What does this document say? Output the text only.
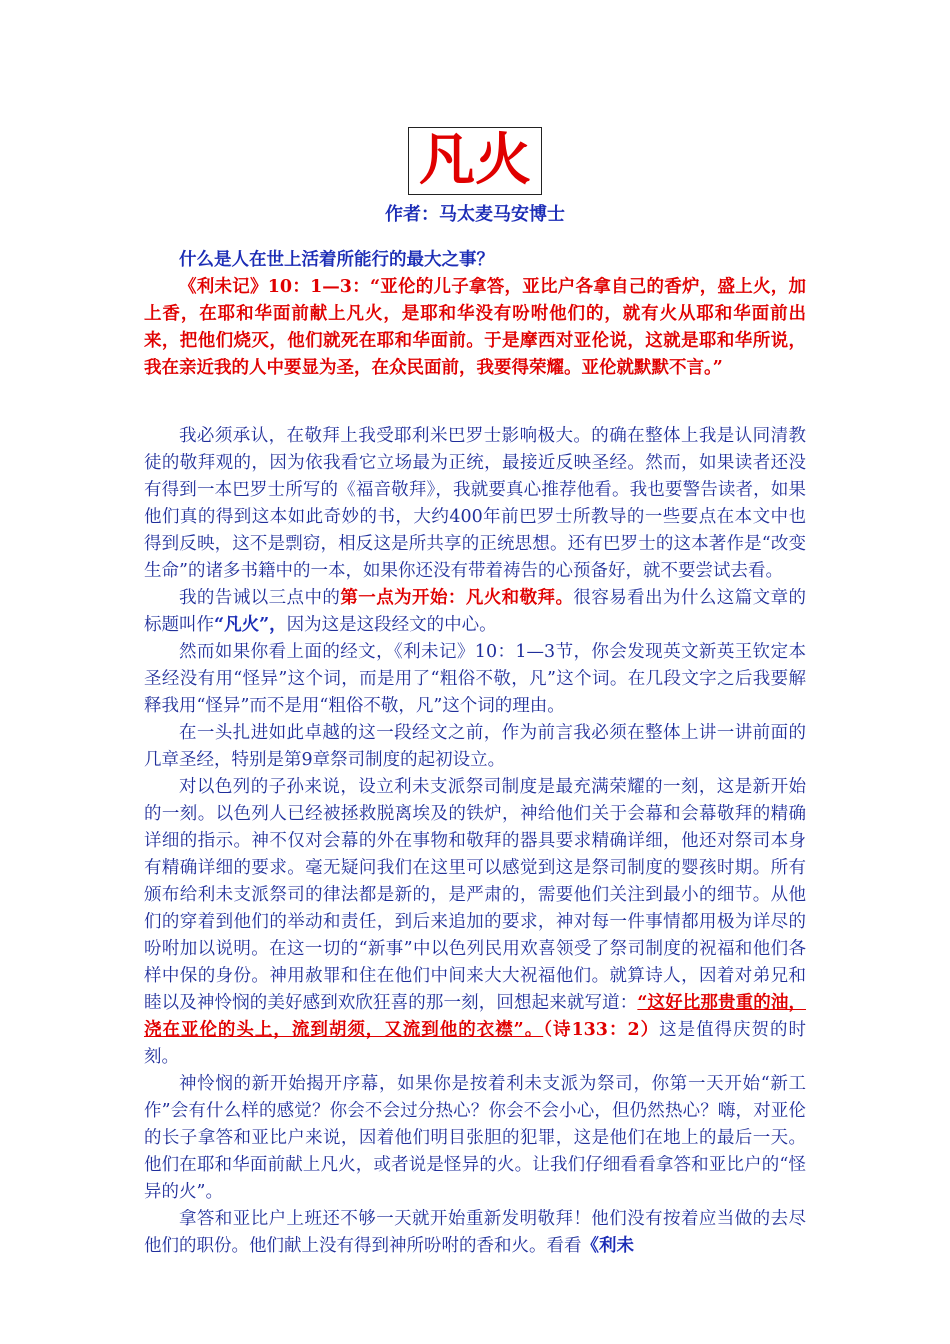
凡火
作者：马太麦马安博士

什么是人在世上活着所能行的最大之事？

《利未记》10：1—3：“亚伦的儿子拿答，亚比户各拿自己的香炉，盛上火，加上香，在耶和华面前献上凡火，是耶和华没有吩咐他们的，就有火从耶和华面前出来，把他们烧灭，他们就死在耶和华面前。于是摩西对亚伦说，这就是耶和华所说，我在亲近我的人中要显为圣，在众民面前，我要得荣耀。亚伦就默默不言。”

我必须承认，在敬拜上我受耶利米巴罗士影响极大。的确在整体上我是认同清教徒的敬拜观的，因为依我看它立场最为正统，最接近反映圣经。然而，如果读者还没有得到一本巴罗士所写的《福音敬拜》，我就要真心推荐他看。我也要警告读者，如果他们真的得到这本如此奇妙的书，大约400年前巴罗士所教导的一些要点在本文中也得到反映，这不是剽窃，相反这是所共享的正统思想。还有巴罗士的这本著作是“改变生命”的诸多书籍中的一本，如果你还没有带着祷告的心预备好，就不要尝试去看。

我的告诫以三点中的第一点为开始：凡火和敬拜。很容易看出为什么这篇文章的标题叫作“凡火”，因为这是这段经文的中心。

然而如果你看上面的经文，《利未记》10：1—3节，你会发现英文新英王钦定本圣经没有用“怪异”这个词，而是用了“粗俗不敬，凡”这个词。在几段文字之后我要解释我用“怪异”而不是用“粗俗不敬，凡”这个词的理由。

在一头扎进如此卓越的这一段经文之前，作为前言我必须在整体上讲一讲前面的几章圣经，特别是第9章祭司制度的起初设立。

对以色列的子孙来说，设立利未支派祭司制度是最充满荣耀的一刻，这是新开始的一刻。以色列人已经被拯救脱离埃及的铁炉，神给他们关于会幕和会幕敬拜的精确详细的指示。神不仅对会幕的外在事物和敬拜的器具要求精确详细，他还对祭司本身有精确详细的要求。毫无疑问我们在这里可以感觉到这是祭司制度的婴孩时期。所有颁布给利未支派祭司的律法都是新的，是严肃的，需要他们关注到最小的细节。从他们的穿着到他们的举动和责任，到后来追加的要求，神对每一件事情都用极为详尽的吩咐加以说明。在这一切的“新事”中以色列民用欢喜领受了祭司制度的祝福和他们各样中保的身份。神用赦罪和住在他们中间来大大祝福他们。就算诗人，因着对弟兄和睦以及神怜悯的美好感到欢欣狂喜的那一刻，回想起来就写道：“这好比那贵重的油，浇在亚伦的头上，流到胡须，又流到他的衣襟”。（诗133：2）这是值得庆贺的时刻。

神怜悯的新开始揭开序幕，如果你是按着利未支派为祭司，你第一天开始“新工作”会有什么样的感觉？你会不会过分热心？你会不会小心，但仍然热心？嗨，对亚伦的长子拿答和亚比户来说，因着他们明目张胆的犯罪，这是他们在地上的最后一天。他们在耶和华面前献上凡火，或者说是怪异的火。让我们仔细看看拿答和亚比户的“怪异的火”。

拿答和亚比户上班还不够一天就开始重新发明敬拜！他们没有按着应当做的去尽他们的职份。他们献上没有得到神所吩咐的香和火。看看《利未
